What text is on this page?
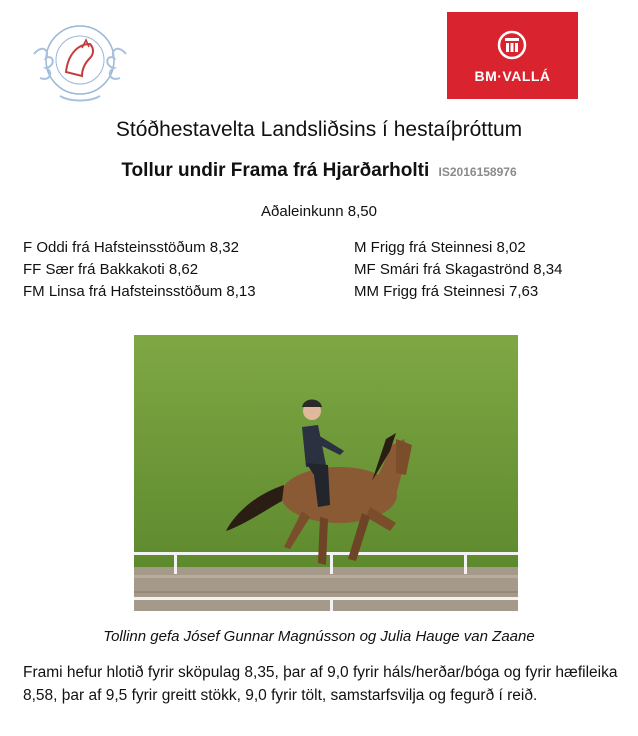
BM·VALLÁ
Stóðhestavelta Landsliðsins í hestaíþróttum
Tollur undir Frama frá Hjarðarholti IS2016158976
Aðaleinkunn 8,50
F Oddi frá Hafsteinsstöðum 8,32
FF Sær frá Bakkakoti 8,62
FM Linsa frá Hafsteinsstöðum 8,13
M Frigg frá Steinnesi 8,02
MF Smári frá Skagaströnd 8,34
MM Frigg frá Steinnesi 7,63
Tollinn gefa Jósef Gunnar Magnússon og Julia Hauge van Zaane
Frami hefur hlotið fyrir sköpulag 8,35, þar af 9,0 fyrir háls/herðar/bóga og fyrir hæfileika 8,58, þar af 9,5 fyrir greitt stökk, 9,0 fyrir tölt, samstarfsvilja og fegurð í reið.
